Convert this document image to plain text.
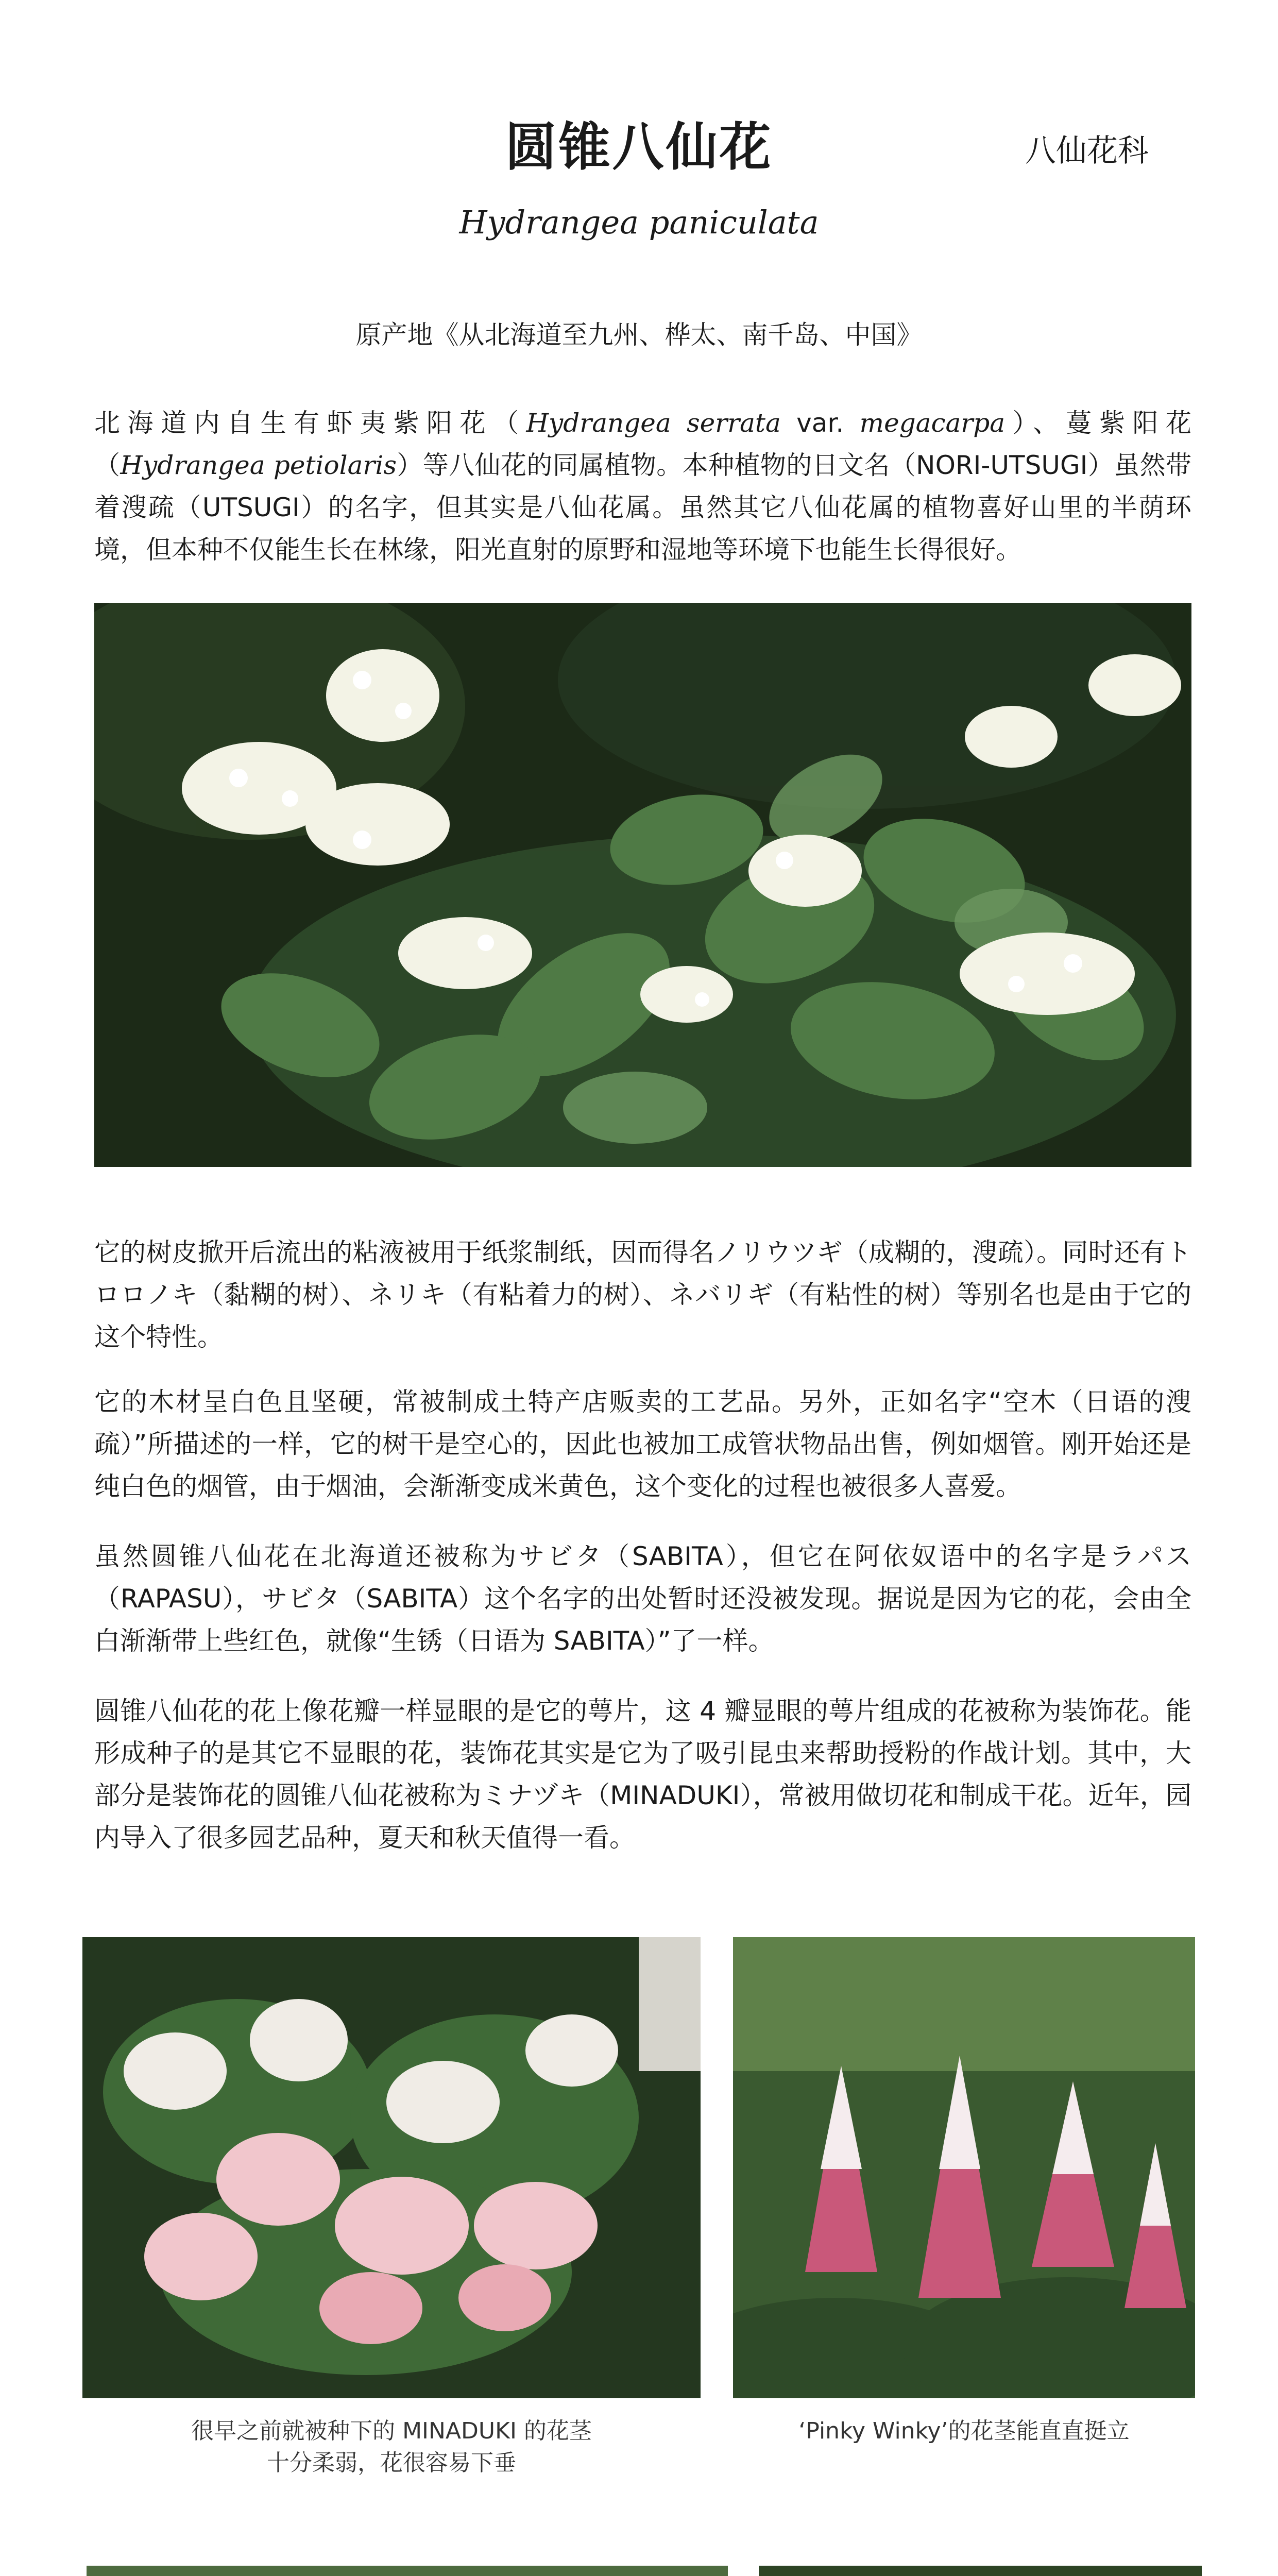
圆锥八仙花	八仙花科
Hydrangea paniculata
原产地《从北海道至九州、桦太、南千岛、中国》

北海道内自生有虾夷紫阳花（Hydrangea serrata var. megacarpa）、蔓紫阳花（Hydrangea petiolaris）等八仙花的同属植物。本种植物的日文名（NORI-UTSUGI）虽然带着溲疏（UTSUGI）的名字，但其实是八仙花属。虽然其它八仙花属的植物喜好山里的半荫环境，但本种不仅能生长在林缘，阳光直射的原野和湿地等环境下也能生长得很好。

它的树皮掀开后流出的粘液被用于纸浆制纸，因而得名ノリウツギ（成糊的，溲疏）。同时还有トロロノキ（黏糊的树）、ネリキ（有粘着力的树）、ネバリギ（有粘性的树）等别名也是由于它的这个特性。

它的木材呈白色且坚硬，常被制成土特产店贩卖的工艺品。另外，正如名字“空木（日语的溲疏）”所描述的一样，它的树干是空心的，因此也被加工成管状物品出售，例如烟管。刚开始还是纯白色的烟管，由于烟油，会渐渐变成米黄色，这个变化的过程也被很多人喜爱。

虽然圆锥八仙花在北海道还被称为サビタ（SABITA），但它在阿依奴语中的名字是ラパス（RAPASU），サビタ（SABITA）这个名字的出处暂时还没被发现。据说是因为它的花，会由全白渐渐带上些红色，就像“生锈（日语为 SABITA）”了一样。

圆锥八仙花的花上像花瓣一样显眼的是它的萼片，这 4 瓣显眼的萼片组成的花被称为装饰花。能形成种子的是其它不显眼的花，装饰花其实是它为了吸引昆虫来帮助授粉的作战计划。其中，大部分是装饰花的圆锥八仙花被称为ミナヅキ（MINADUKI），常被用做切花和制成干花。近年，园内导入了很多园艺品种，夏天和秋天值得一看。

很早之前就被种下的 MINADUKI 的花茎
十分柔弱，花很容易下垂
‘Pinky Winky’的花茎能直直挺立
